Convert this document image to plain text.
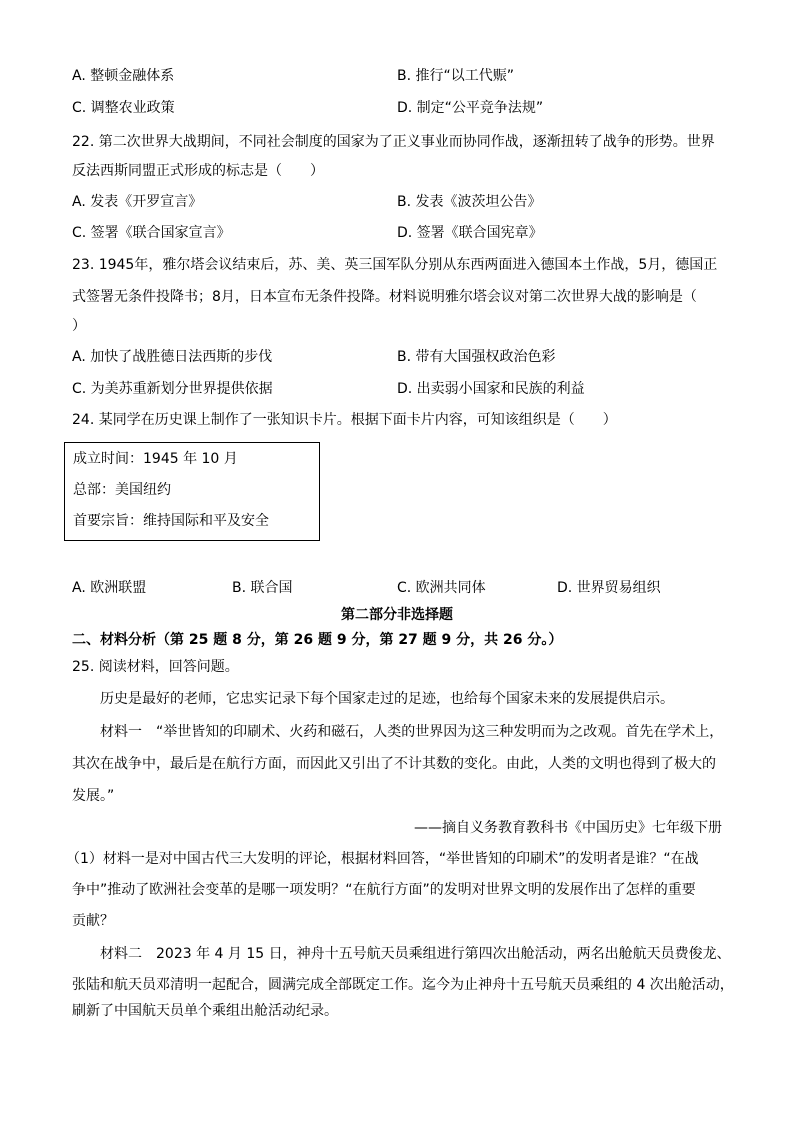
A. 整顿金融体系	B. 推行“以工代赈”
C. 调整农业政策	D. 制定“公平竞争法规”
22. 第二次世界大战期间，不同社会制度的国家为了正义事业而协同作战，逐渐扭转了战争的形势。世界
反法西斯同盟正式形成的标志是（　　）
A. 发表《开罗宣言》	B. 发表《波茨坦公告》
C. 签署《联合国家宣言》	D. 签署《联合国宪章》
23. 1945年，雅尔塔会议结束后，苏、美、英三国军队分别从东西两面进入德国本土作战，5月，德国正
式签署无条件投降书；8月，日本宣布无条件投降。材料说明雅尔塔会议对第二次世界大战的影响是（
）
A. 加快了战胜德日法西斯的步伐	B. 带有大国强权政治色彩
C. 为美苏重新划分世界提供依据	D. 出卖弱小国家和民族的利益
24. 某同学在历史课上制作了一张知识卡片。根据下面卡片内容，可知该组织是（　　）
成立时间：1945 年 10 月
总部：美国纽约
首要宗旨：维持国际和平及安全
A. 欧洲联盟	B. 联合国	C. 欧洲共同体	D. 世界贸易组织
第二部分非选择题
二、材料分析（第 25 题 8 分，第 26 题 9 分，第 27 题 9 分，共 26 分。）
25. 阅读材料，回答问题。
历史是最好的老师，它忠实记录下每个国家走过的足迹，也给每个国家未来的发展提供启示。
材料一　“举世皆知的印刷术、火药和磁石，人类的世界因为这三种发明而为之改观。首先在学术上，
其次在战争中，最后是在航行方面，而因此又引出了不计其数的变化。由此，人类的文明也得到了极大的
发展。”
——摘自义务教育教科书《中国历史》七年级下册
（1）材料一是对中国古代三大发明的评论，根据材料回答，“举世皆知的印刷术”的发明者是谁？“在战
争中”推动了欧洲社会变革的是哪一项发明？“在航行方面”的发明对世界文明的发展作出了怎样的重要
贡献？
材料二　2023 年 4 月 15 日，神舟十五号航天员乘组进行第四次出舱活动，两名出舱航天员费俊龙、
张陆和航天员邓清明一起配合，圆满完成全部既定工作。迄今为止神舟十五号航天员乘组的 4 次出舱活动，
刷新了中国航天员单个乘组出舱活动纪录。
